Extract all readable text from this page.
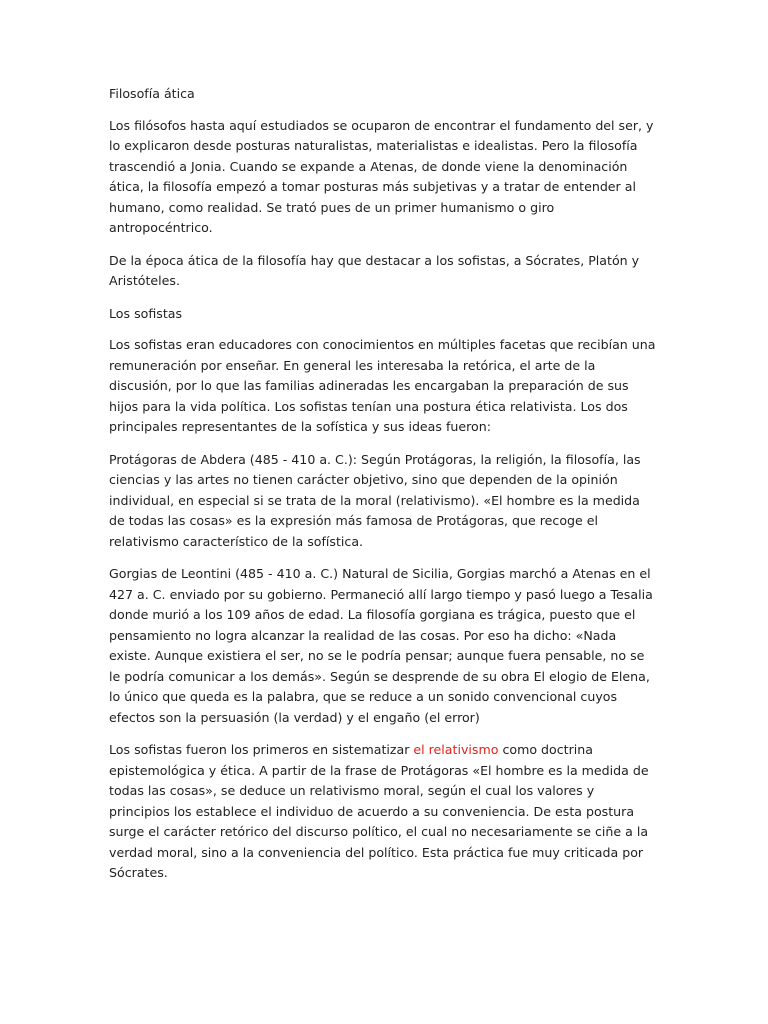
Filosofía ática

Los filósofos hasta aquí estudiados se ocuparon de encontrar el fundamento del ser, y lo explicaron desde posturas naturalistas, materialistas e idealistas. Pero la filosofía trascendió a Jonia. Cuando se expande a Atenas, de donde viene la denominación ática, la filosofía empezó a tomar posturas más subjetivas y a tratar de entender al humano, como realidad. Se trató pues de un primer humanismo o giro antropocéntrico.

De la época ática de la filosofía hay que destacar a los sofistas, a Sócrates, Platón y Aristóteles.

Los sofistas

Los sofistas eran educadores con conocimientos en múltiples facetas que recibían una remuneración por enseñar. En general les interesaba la retórica, el arte de la discusión, por lo que las familias adineradas les encargaban la preparación de sus hijos para la vida política. Los sofistas tenían una postura ética relativista. Los dos principales representantes de la sofística y sus ideas fueron:

Protágoras de Abdera (485 - 410 a. C.): Según Protágoras, la religión, la filosofía, las ciencias y las artes no tienen carácter objetivo, sino que dependen de la opinión individual, en especial si se trata de la moral (relativismo). «El hombre es la medida de todas las cosas» es la expresión más famosa de Protágoras, que recoge el relativismo característico de la sofística.

Gorgias de Leontini (485 - 410 a. C.) Natural de Sicilia, Gorgias marchó a Atenas en el 427 a. C. enviado por su gobierno. Permaneció allí largo tiempo y pasó luego a Tesalia donde murió a los 109 años de edad. La filosofía gorgiana es trágica, puesto que el pensamiento no logra alcanzar la realidad de las cosas. Por eso ha dicho: «Nada existe. Aunque existiera el ser, no se le podría pensar; aunque fuera pensable, no se le podría comunicar a los demás». Según se desprende de su obra El elogio de Elena, lo único que queda es la palabra, que se reduce a un sonido convencional cuyos efectos son la persuasión (la verdad) y el engaño (el error)

Los sofistas fueron los primeros en sistematizar el relativismo como doctrina epistemológica y ética. A partir de la frase de Protágoras «El hombre es la medida de todas las cosas», se deduce un relativismo moral, según el cual los valores y principios los establece el individuo de acuerdo a su conveniencia. De esta postura surge el carácter retórico del discurso político, el cual no necesariamente se ciñe a la verdad moral, sino a la conveniencia del político. Esta práctica fue muy criticada por Sócrates.
